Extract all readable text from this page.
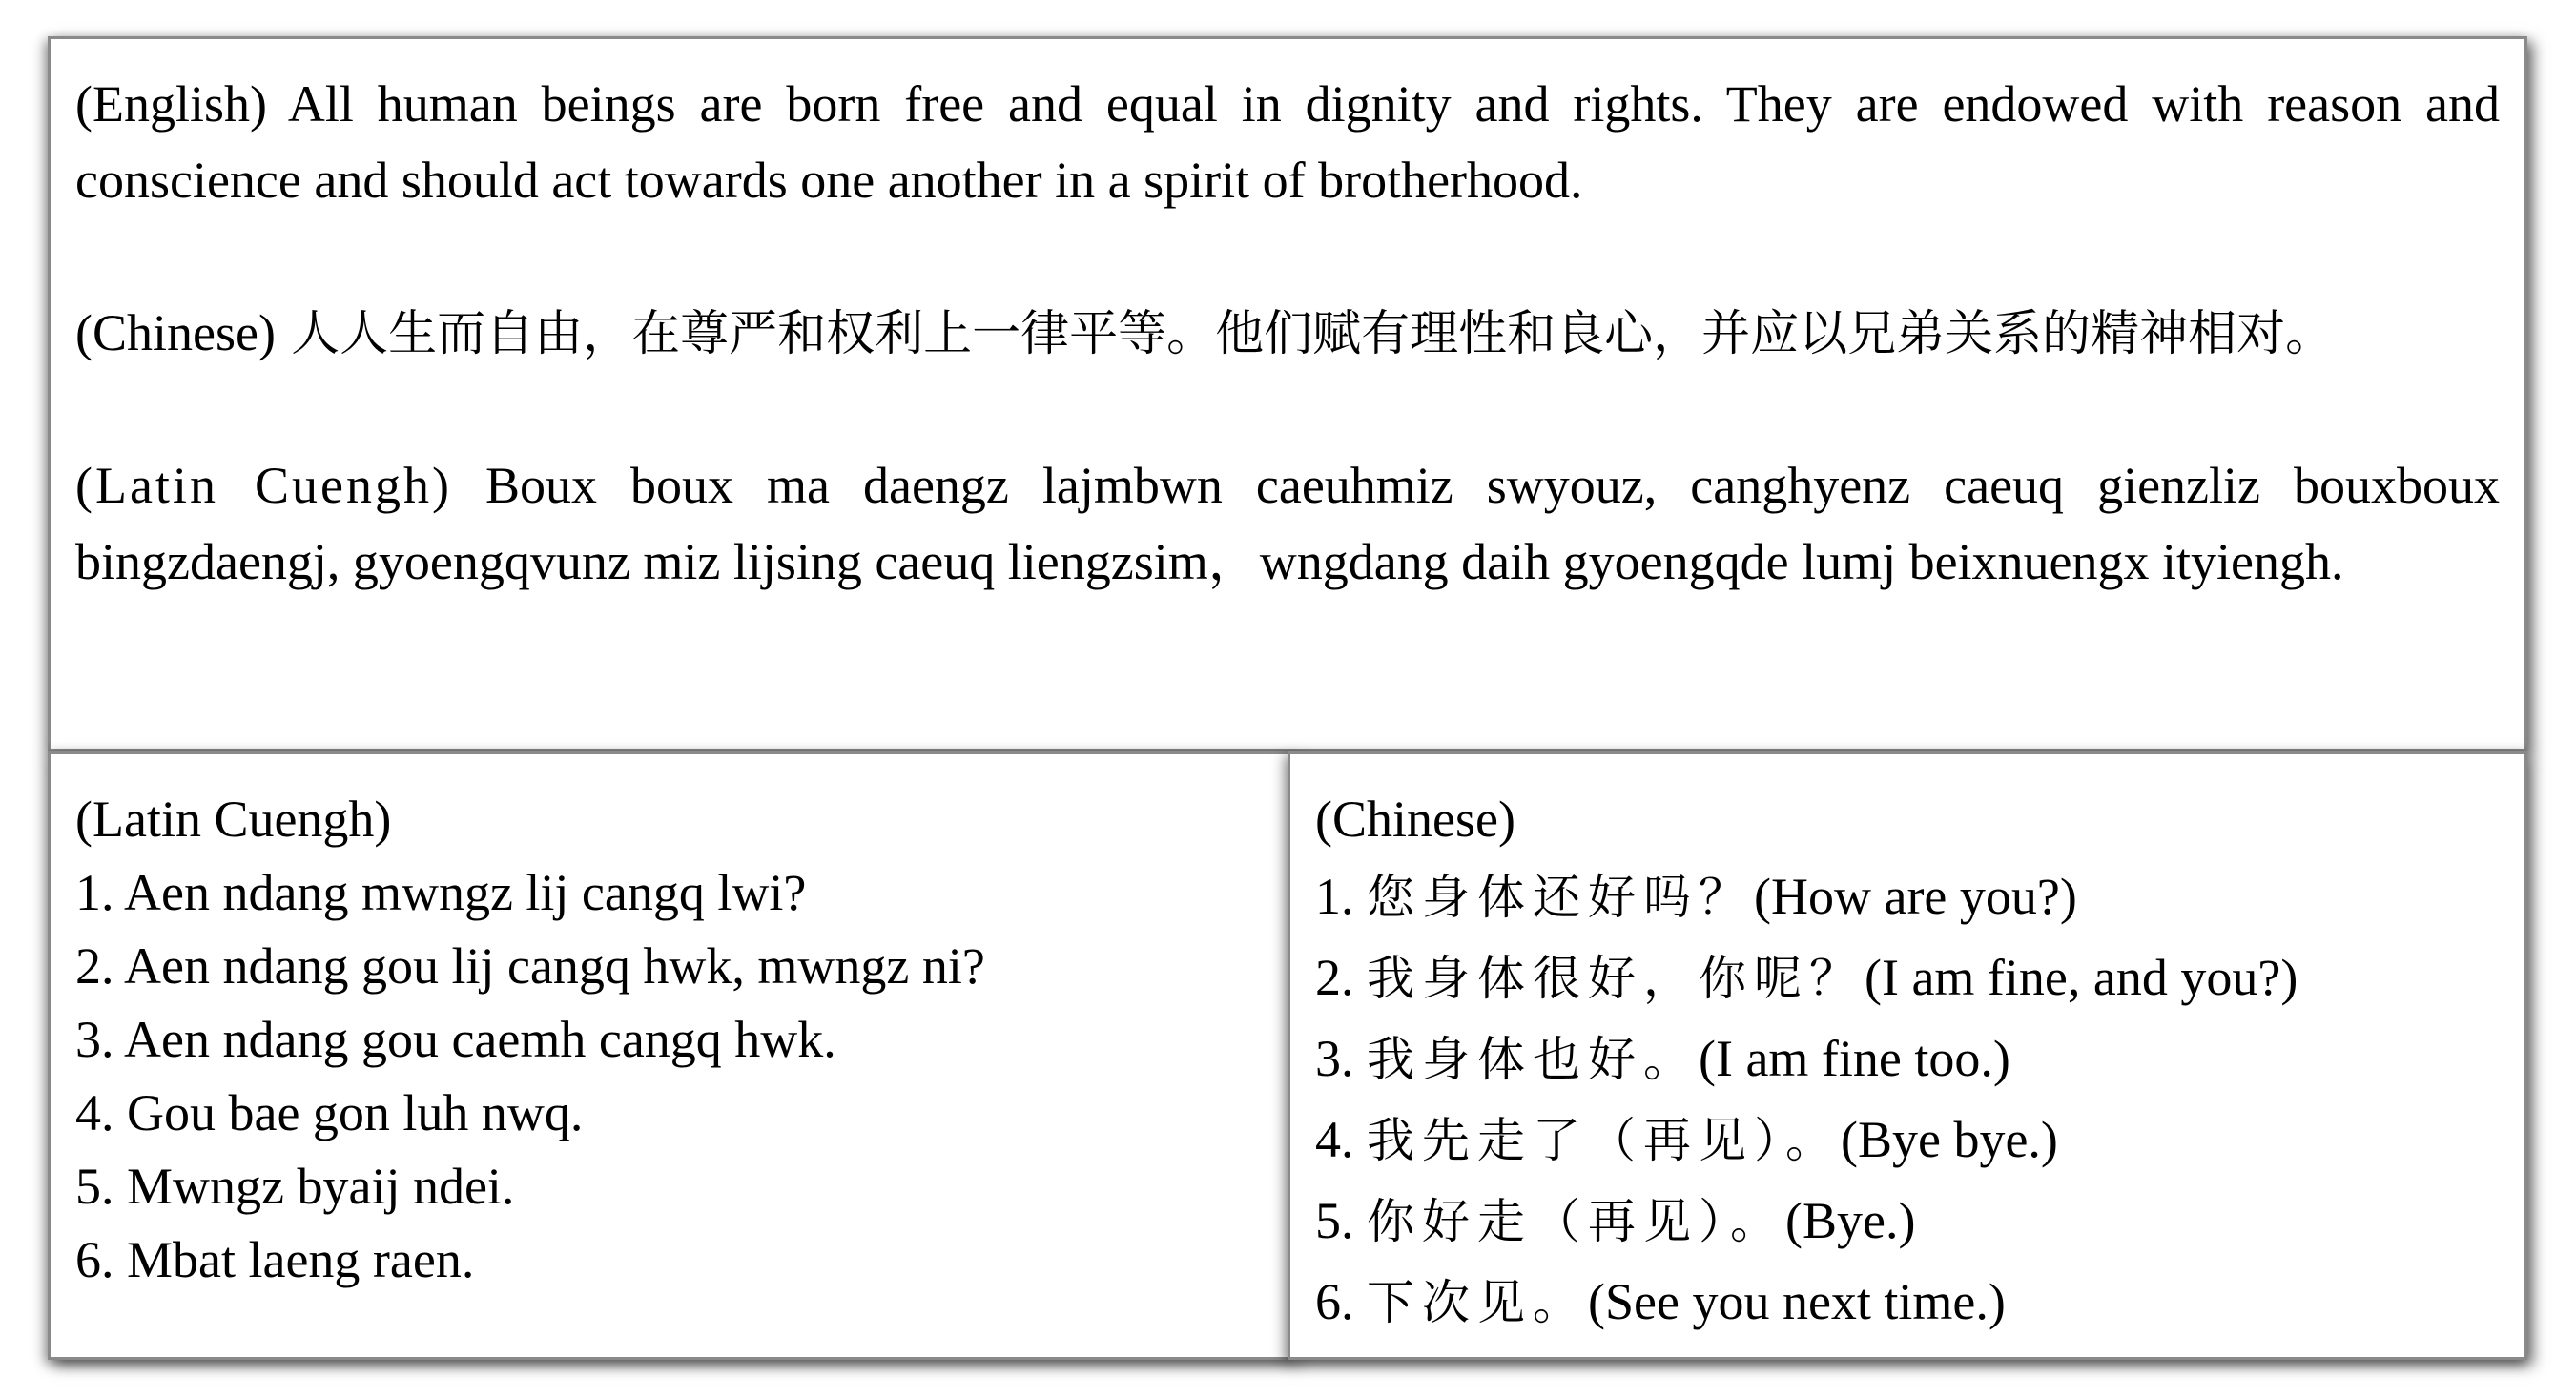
(English) All human beings are born free and equal in dignity and rights. They are endowed with reason and conscience and should act towards one another in a spirit of brotherhood.

(Chinese) 人人生而自由，在尊严和权利上一律平等。他们赋有理性和良心，并应以兄弟关系的精神相对。

(Latin Cuengh) Boux boux ma daengz lajmbwn caeuhmiz swyouz, canghyenz caeuq gienzliz bouxboux bingzdaengj, gyoengqvunz miz lijsing caeuq liengzsim，wngdang daih gyoengqde lumj beixnuengx ityiengh.

(Latin Cuengh)

1. Aen ndang mwngz lij cangq lwi?
2. Aen ndang gou lij cangq hwk, mwngz ni?
3. Aen ndang gou caemh cangq hwk.
4. Gou bae gon luh nwq.
5. Mwngz byaij ndei.
6. Mbat laeng raen.

(Chinese)

1. 您身体还好吗？(How are you?)
2. 我身体很好，你呢？(I am fine, and you?)
3. 我身体也好。(I am fine too.)
4. 我先走了（再见）。(Bye bye.)
5. 你好走（再见）。(Bye.)
6. 下次见。(See you next time.)
